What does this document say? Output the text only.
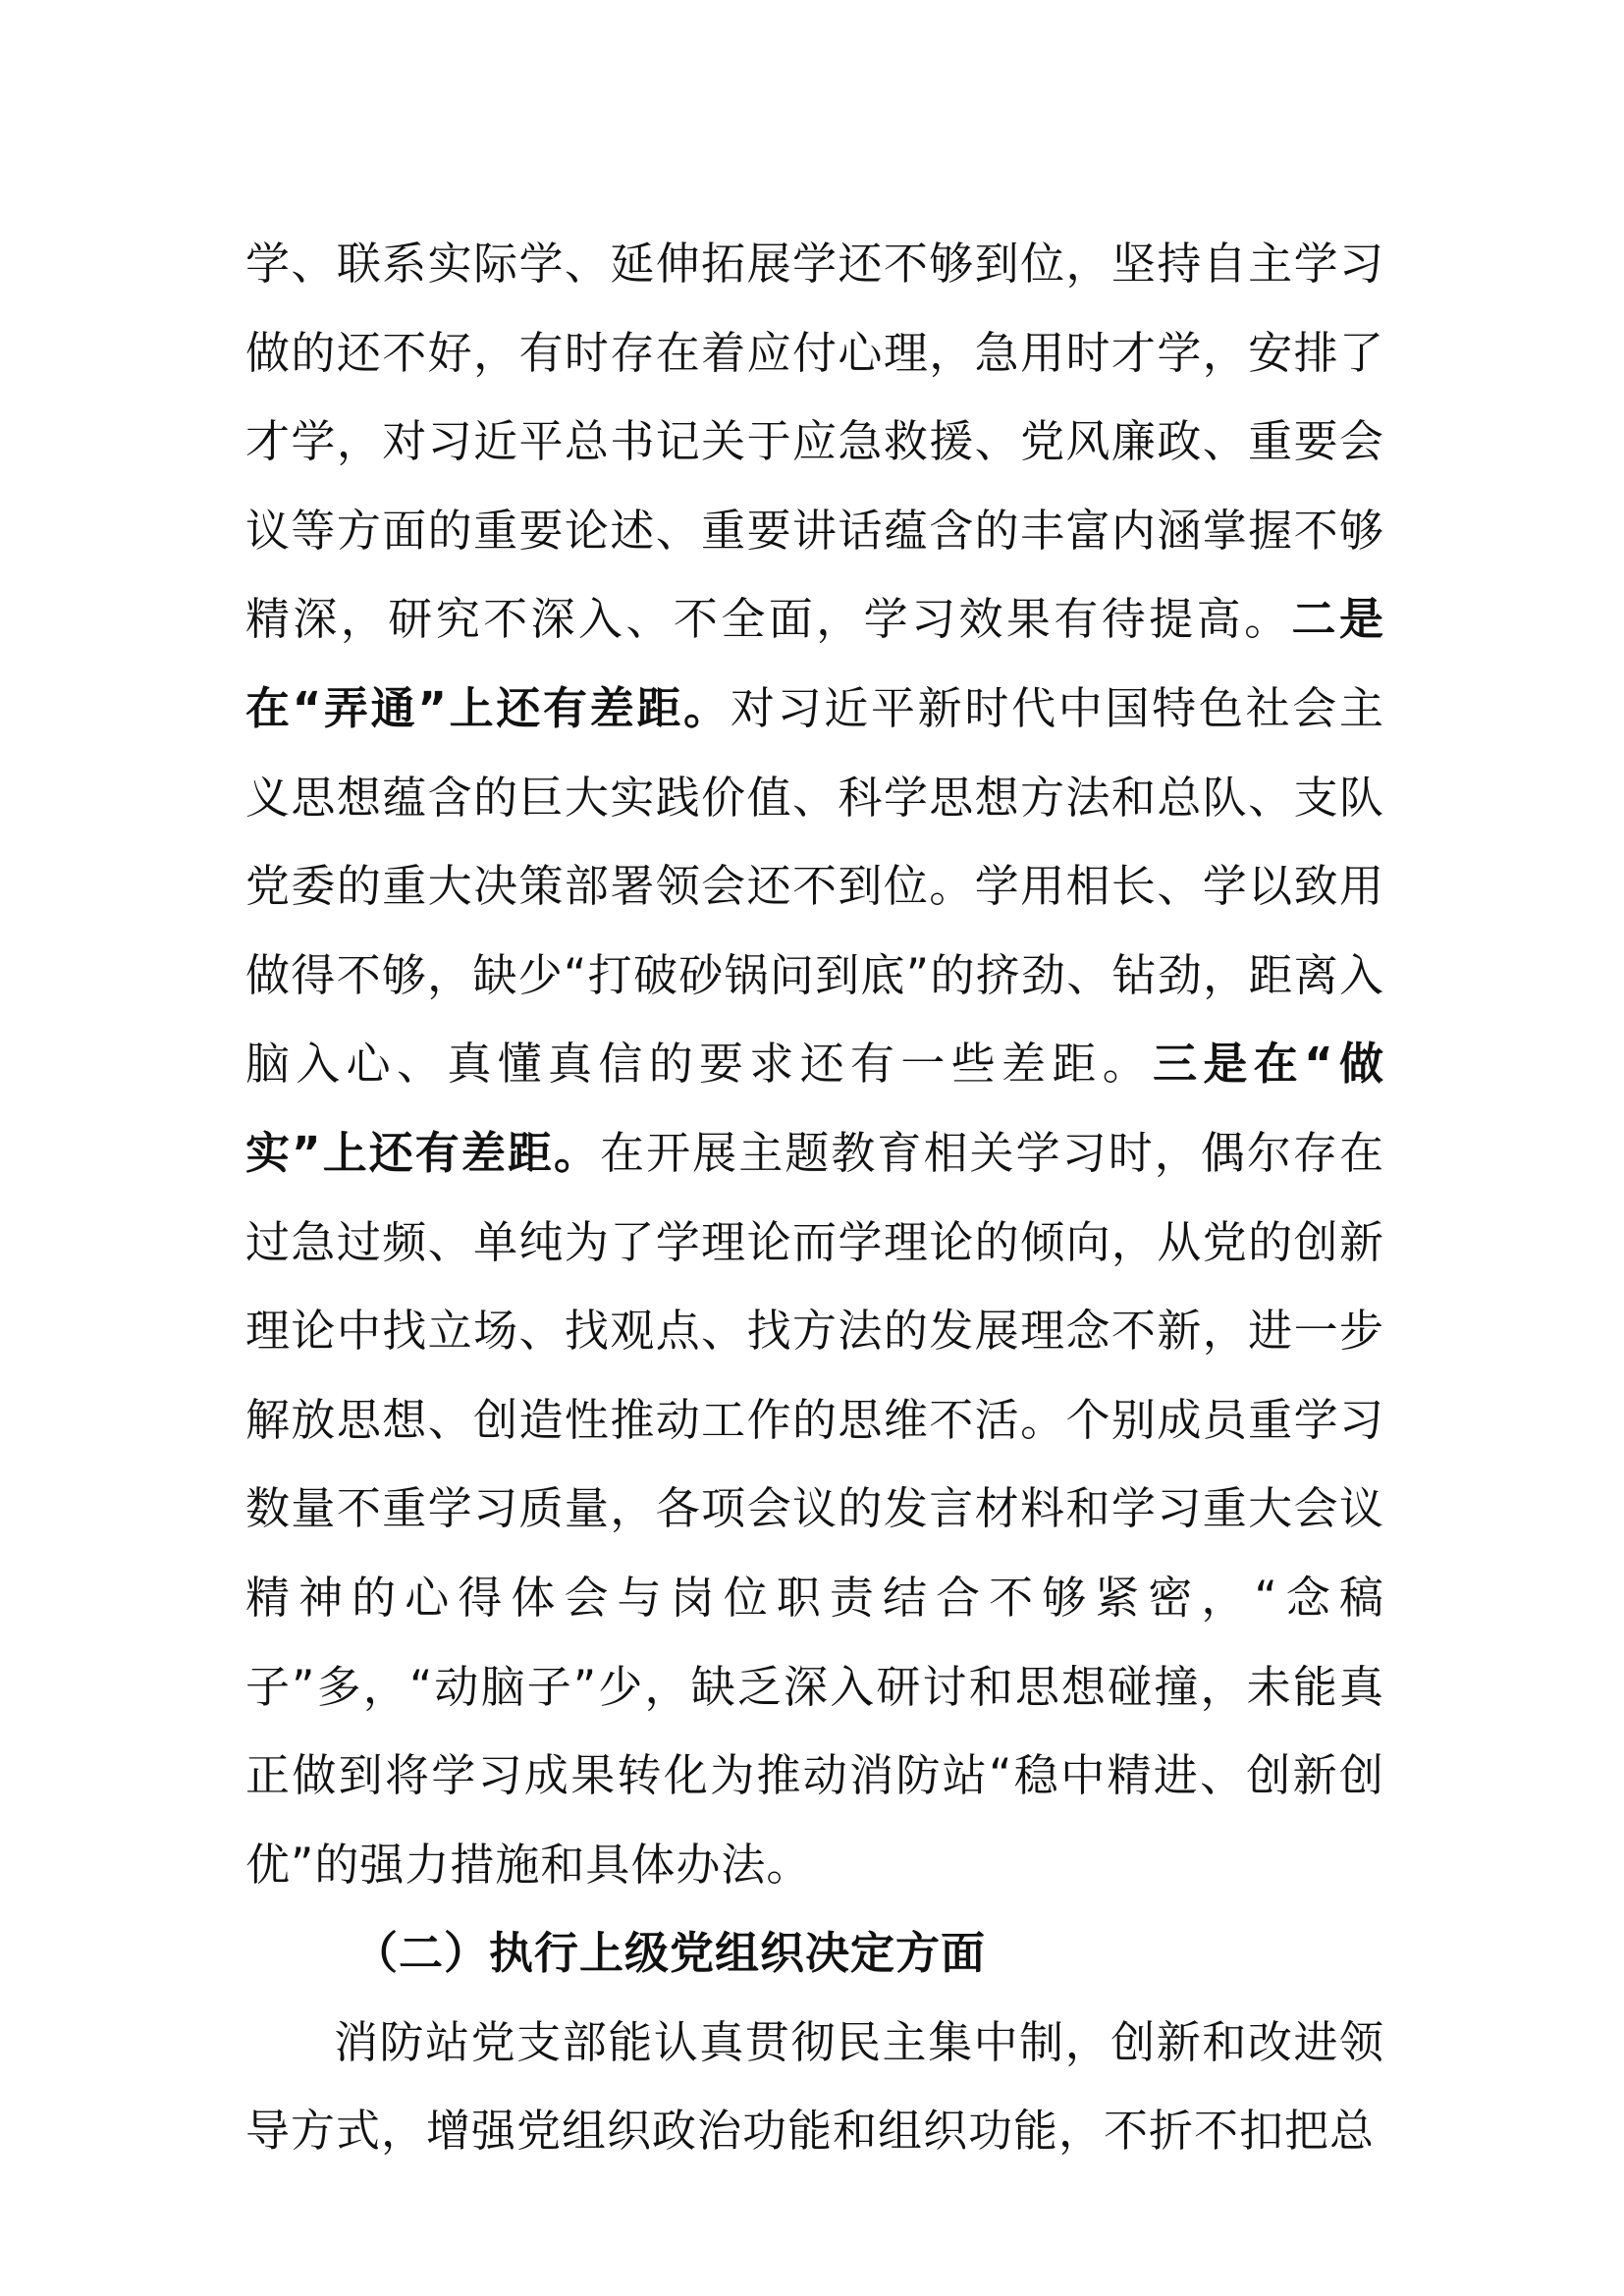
学、联系实际学、延伸拓展学还不够到位，坚持自主学习做的还不好，有时存在着应付心理，急用时才学，安排了才学，对习近平总书记关于应急救援、党风廉政、重要会议等方面的重要论述、重要讲话蕴含的丰富内涵掌握不够精深，研究不深入、不全面，学习效果有待提高。二是在“弄通”上还有差距。对习近平新时代中国特色社会主义思想蕴含的巨大实践价值、科学思想方法和总队、支队党委的重大决策部署领会还不到位。学用相长、学以致用做得不够，缺少“打破砂锅问到底”的挤劲、钻劲，距离入脑入心、真懂真信的要求还有一些差距。三是在“做实”上还有差距。在开展主题教育相关学习时，偶尔存在过急过频、单纯为了学理论而学理论的倾向，从党的创新理论中找立场、找观点、找方法的发展理念不新，进一步解放思想、创造性推动工作的思维不活。个别成员重学习数量不重学习质量，各项会议的发言材料和学习重大会议精神的心得体会与岗位职责结合不够紧密，“念稿子”多，“动脑子”少，缺乏深入研讨和思想碰撞，未能真正做到将学习成果转化为推动消防站“稳中精进、创新创优”的强力措施和具体办法。

（二）执行上级党组织决定方面

消防站党支部能认真贯彻民主集中制，创新和改进领导方式，增强党组织政治功能和组织功能，不折不扣把总
